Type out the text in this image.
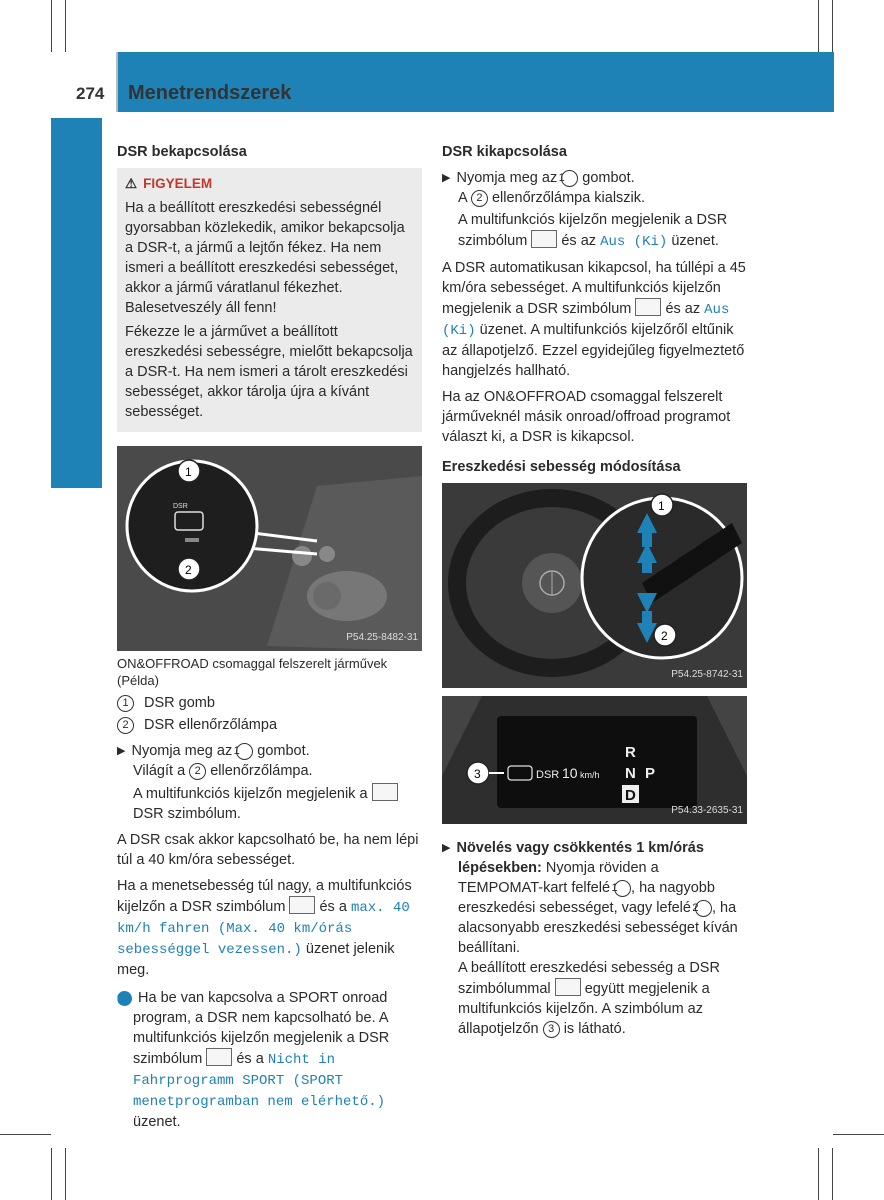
274 Menetrendszerek
Vezetés és parkolás
DSR bekapcsolása
⚠ FIGYELEM

Ha a beállított ereszkedési sebességnél gyorsabban közlekedik, amikor bekapcsolja a DSR-t, a jármű a lejtőn fékez. Ha nem ismeri a beállított ereszkedési sebességet, akkor a jármű váratlanul fékezhet. Balesetveszély áll fenn!

Fékezze le a járművet a beállított ereszkedési sebességre, mielőtt bekapcsolja a DSR-t. Ha nem ismeri a tárolt ereszkedési sebességet, akkor tárolja újra a kívánt sebességet.

1
2
DSR
P54.25-8482-31
ON&OFFROAD csomaggal felszerelt járművek (Példa)
1 DSR gomb
2 DSR ellenőrzőlámpa

▶ Nyomja meg az 1 gombot.

Világít a 2 ellenőrzőlámpa.

A multifunkciós kijelzőn megjelenik a  DSR szimbólum.

A DSR csak akkor kapcsolható be, ha nem lépi túl a 40 km/óra sebességet.

Ha a menetsebesség túl nagy, a multifunkciós kijelzőn a DSR szimbólum és a max. 40 km/h fahren (Max. 40 km/órás sebességgel vezessen.) üzenet jelenik meg.

i Ha be van kapcsolva a SPORT onroad program, a DSR nem kapcsolható be. A multifunkciós kijelzőn megjelenik a DSR szimbólum és a Nicht in Fahrprogramm SPORT (SPORT menetprogramban nem elérhető.) üzenet.

DSR kikapcsolása

▶ Nyomja meg az 1 gombot.

A 2 ellenőrzőlámpa kialszik.

A multifunkciós kijelzőn megjelenik a DSR szimbólum és az Aus (Ki) üzenet.

A DSR automatikusan kikapcsol, ha túllépi a 45 km/óra sebességet. A multifunkciós kijelzőn megjelenik a DSR szimbólum és az Aus (Ki) üzenet. A multifunkciós kijelzőről eltűnik az állapotjelző. Ezzel egyidejűleg figyelmeztető hangjelzés hallható.

Ha az ON&OFFROAD csomaggal felszerelt járműveknél másik onroad/offroad programot választ ki, a DSR is kikapcsol.

Ereszkedési sebesség módosítása
1
2
P54.25-8742-31
3	DSR 10 km/h
R
N P
D
P54.33-2635-31

▶ Növelés vagy csökkentés 1 km/órás lépésekben: Nyomja röviden a TEMPOMAT-kart felfelé 1 , ha nagyobb ereszkedési sebességet, vagy lefelé 2 , ha alacsonyabb ereszkedési sebességet kíván beállítani.

A beállított ereszkedési sebesség a DSR szimbólummal együtt megjelenik a multifunkciós kijelzőn. A szimbólum az állapotjelzőn 3 is látható.
